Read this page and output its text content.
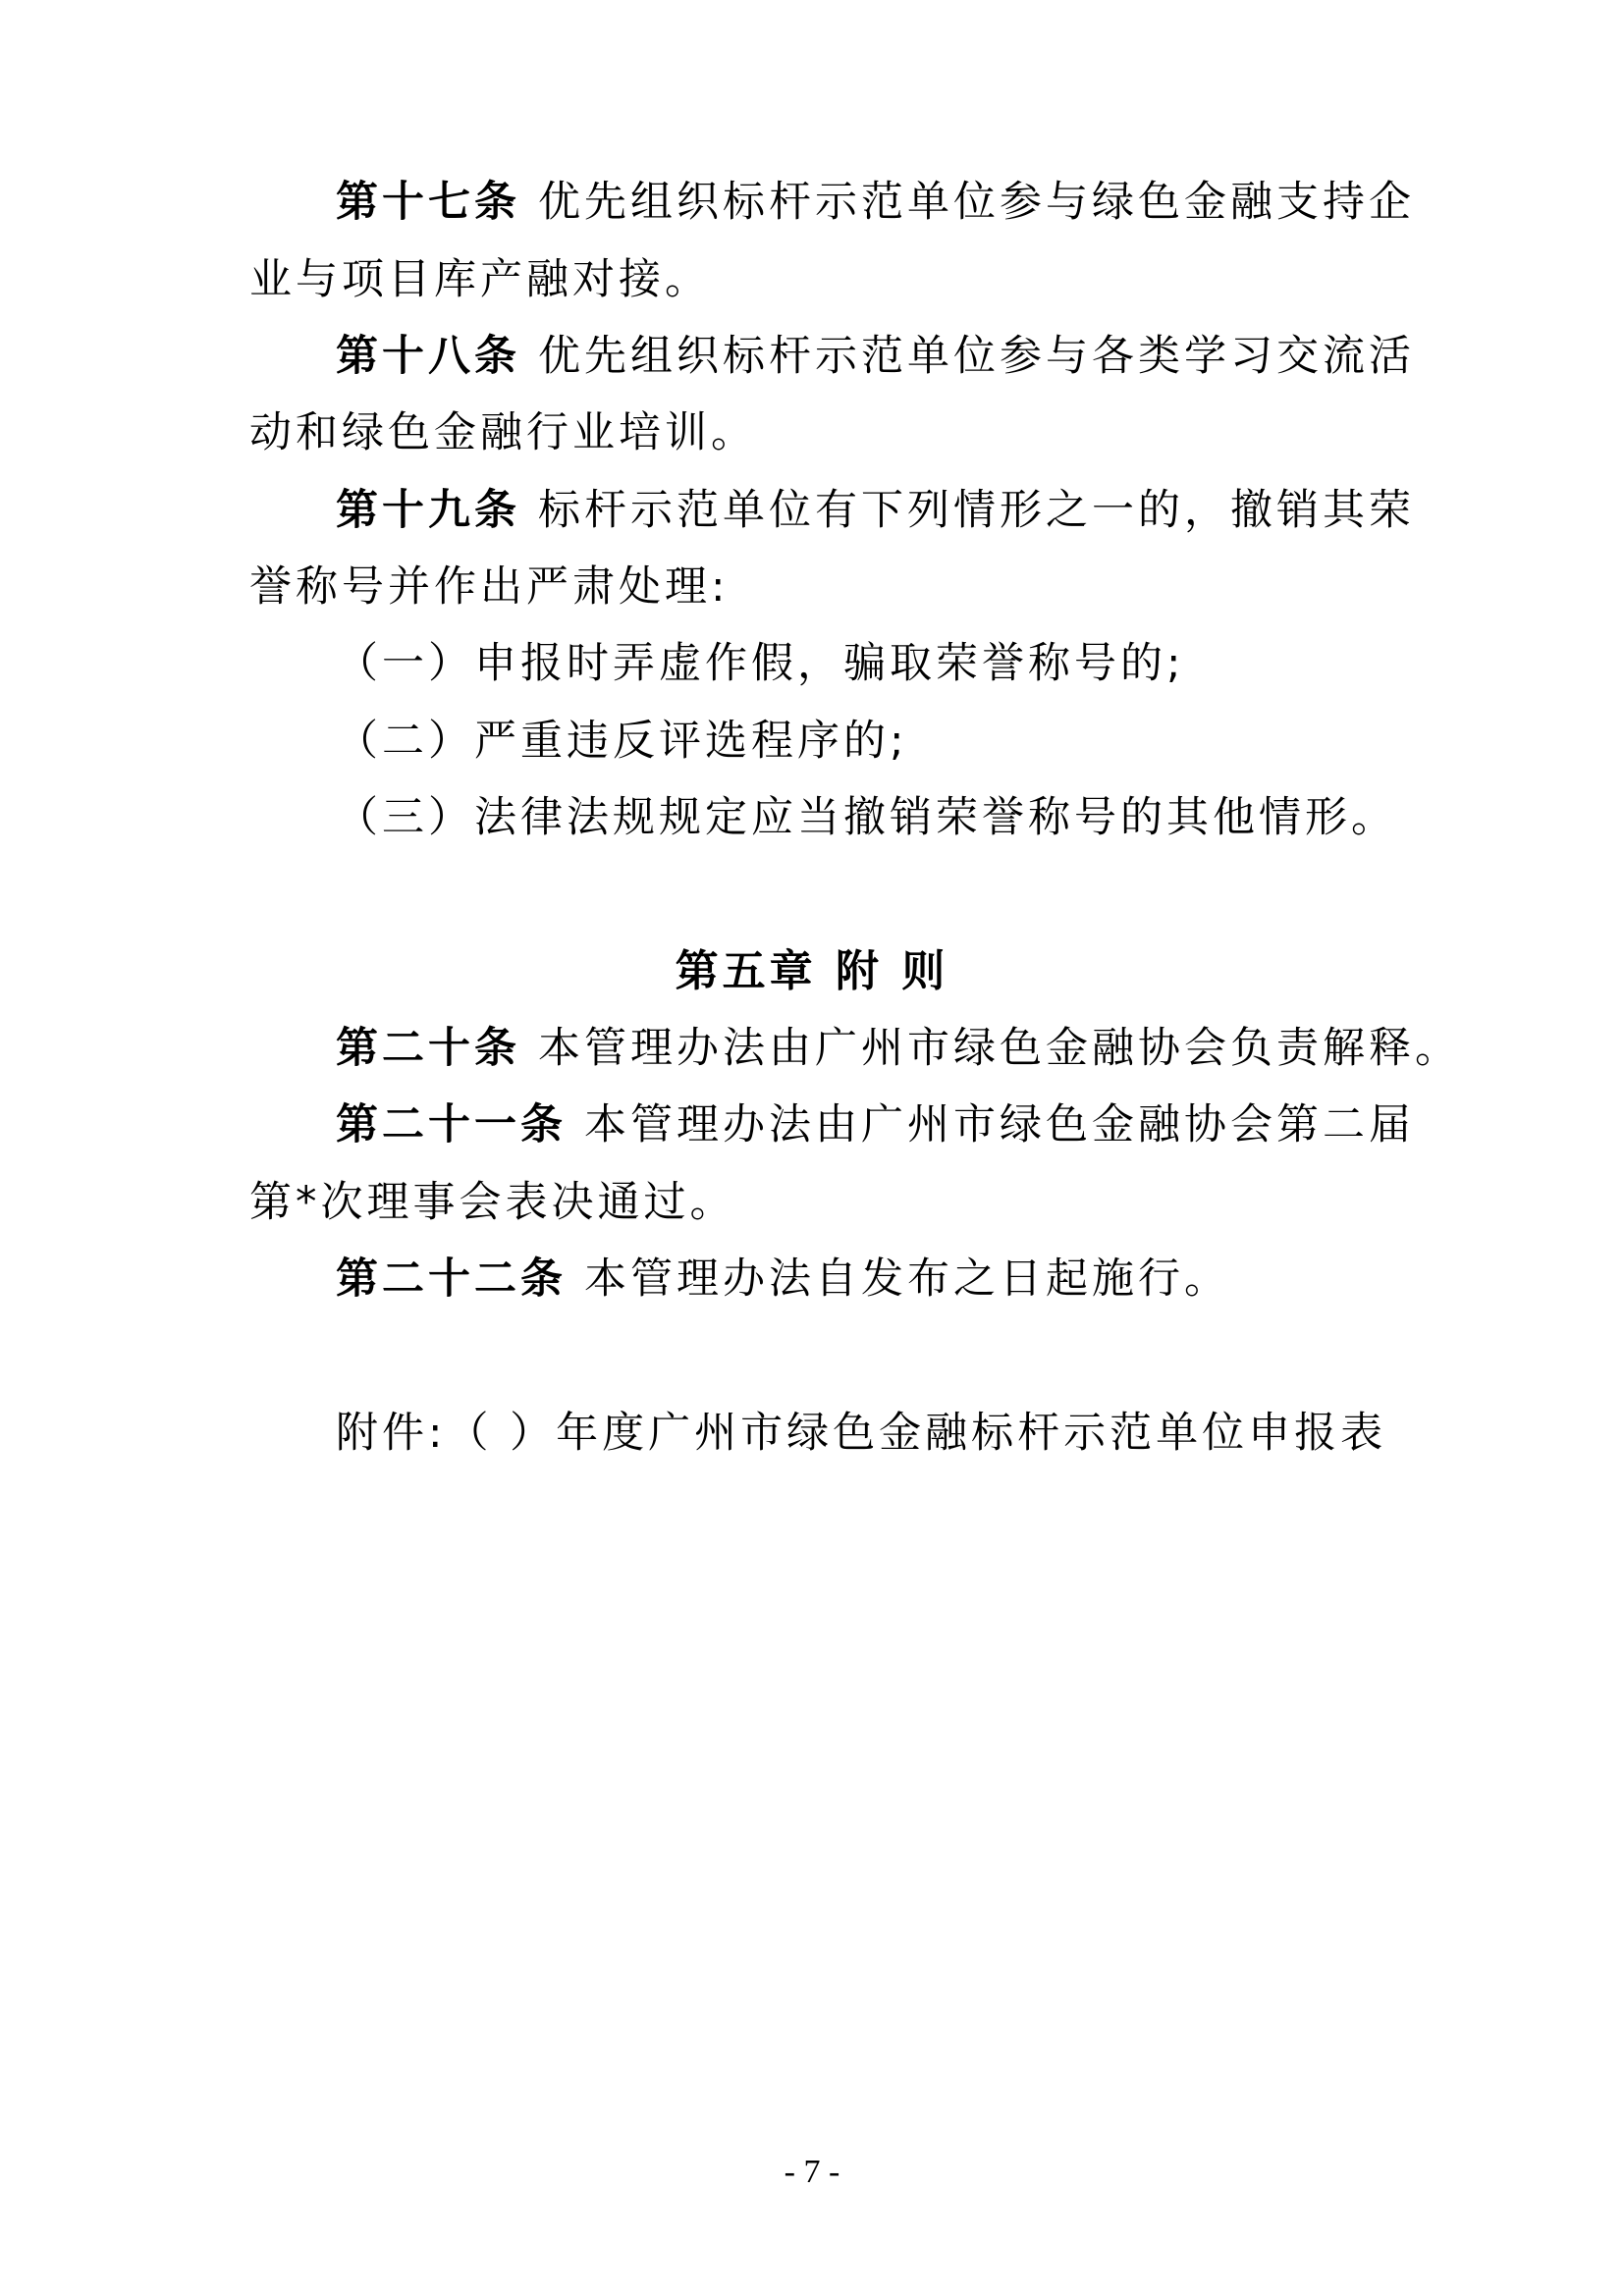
第十七条 优先组织标杆示范单位参与绿色金融支持企
业与项目库产融对接。
第十八条 优先组织标杆示范单位参与各类学习交流活
动和绿色金融行业培训。
第十九条 标杆示范单位有下列情形之一的，撤销其荣
誉称号并作出严肃处理:
（一）申报时弄虚作假，骗取荣誉称号的;
（二）严重违反评选程序的;
（三）法律法规规定应当撤销荣誉称号的其他情形。
第五章 附 则
第二十条 本管理办法由广州市绿色金融协会负责解释。
第二十一条 本管理办法由广州市绿色金融协会第二届
第*次理事会表决通过。
第二十二条 本管理办法自发布之日起施行。
附件:（ ）年度广州市绿色金融标杆示范单位申报表
- 7 -
